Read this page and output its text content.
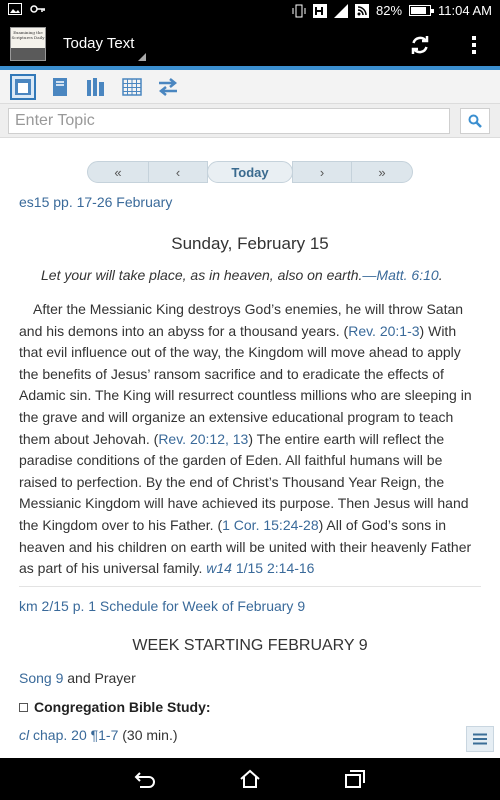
82%	11:04 AM
Examining the Scriptures Daily Today Text
Enter Topic
«	‹	Today	›	»
es15 pp. 17-26 February
Sunday, February 15
Let your will take place, as in heaven, also on earth.—Matt. 6:10.

After the Messianic King destroys God’s enemies, he will throw Satan and his demons into an abyss for a thousand years. (Rev. 20:1-3) With that evil influence out of the way, the Kingdom will move ahead to apply the benefits of Jesus’ ransom sacrifice and to eradicate the effects of Adamic sin. The King will resurrect countless millions who are sleeping in the grave and will organize an extensive educational program to teach them about Jehovah. (Rev. 20:12, 13) The entire earth will reflect the paradise conditions of the garden of Eden. All faithful humans will be raised to perfection. By the end of Christ’s Thousand Year Reign, the Messianic Kingdom will have achieved its purpose. Then Jesus will hand the Kingdom over to his Father. (1 Cor. 15:24-28) All of God’s sons in heaven and his children on earth will be united with their heavenly Father as part of his universal family. w14 1/15 2:14-16

km 2/15 p. 1 Schedule for Week of February 9
WEEK STARTING FEBRUARY 9
Song 9 and Prayer
Congregation Bible Study:
cl chap. 20 ¶1-7 (30 min.)
